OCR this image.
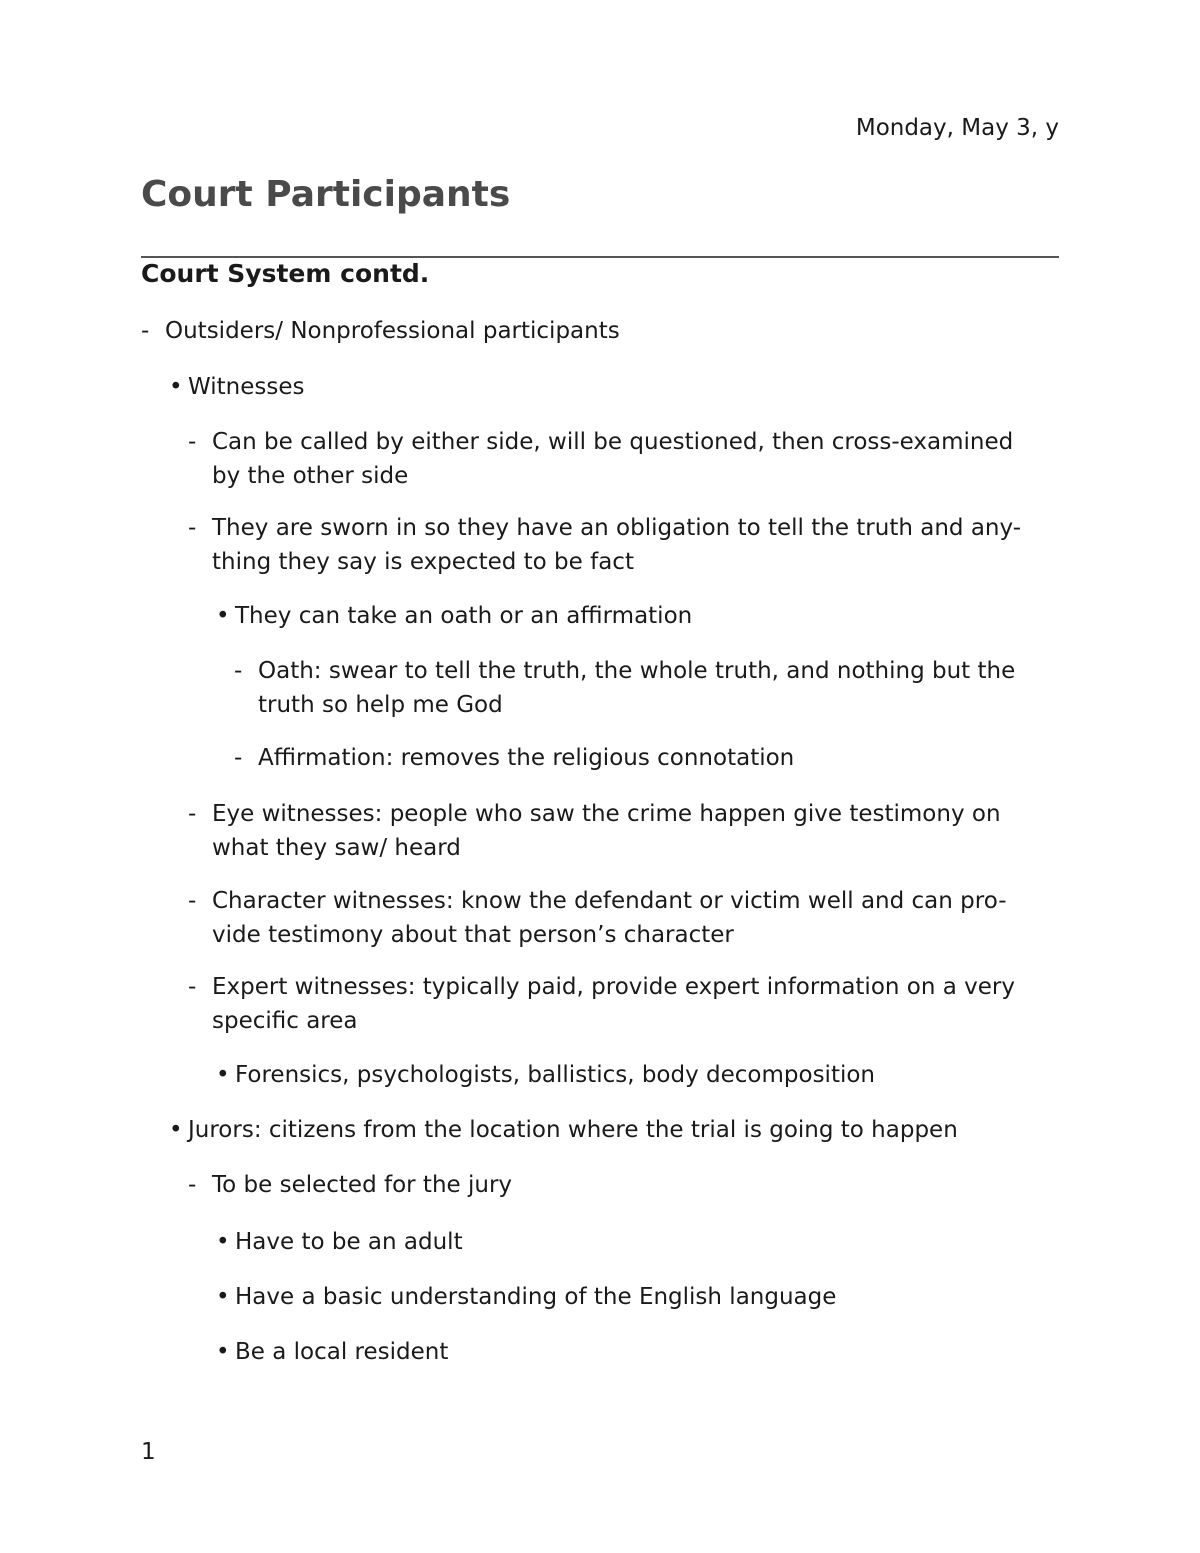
Monday, May 3, y
Court Participants
Court System contd.
- Outsiders/ Nonprofessional participants
• Witnesses
- Can be called by either side, will be questioned, then cross-examined by the other side
- They are sworn in so they have an obligation to tell the truth and any-thing they say is expected to be fact
• They can take an oath or an affirmation
- Oath: swear to tell the truth, the whole truth, and nothing but the truth so help me God
- Affirmation: removes the religious connotation
- Eye witnesses: people who saw the crime happen give testimony on what they saw/ heard
- Character witnesses: know the defendant or victim well and can pro-vide testimony about that person’s character
- Expert witnesses: typically paid, provide expert information on a very specific area
• Forensics, psychologists, ballistics, body decomposition
• Jurors: citizens from the location where the trial is going to happen
- To be selected for the jury
• Have to be an adult
• Have a basic understanding of the English language
• Be a local resident
1
